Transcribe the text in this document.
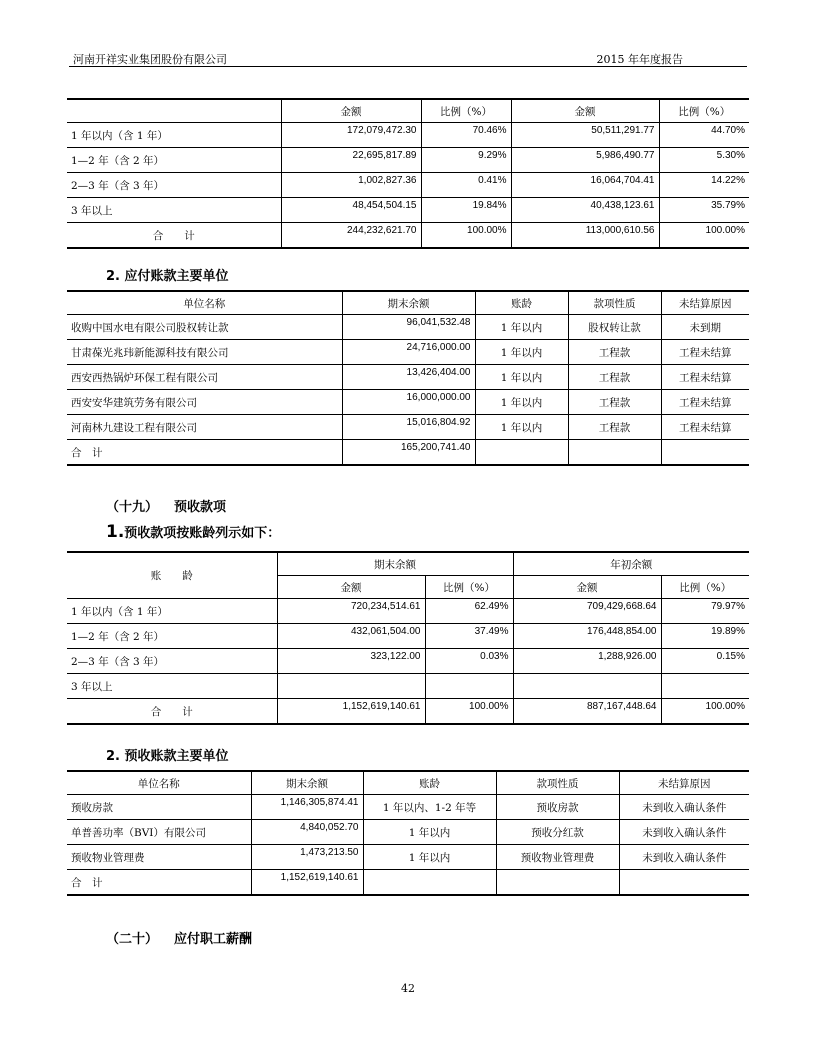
河南开祥实业集团股份有限公司	2015 年年度报告
	金额	比例（%）	金额	比例（%）
1 年以内（含 1 年）	172,079,472.30	70.46%	50,511,291.77	44.70%
1—2 年（含 2 年）	22,695,817.89	9.29%	5,986,490.77	5.30%
2—3 年（含 3 年）	1,002,827.36	0.41%	16,064,704.41	14.22%
3 年以上	48,454,504.15	19.84%	40,438,123.61	35.79%
合　　计	244,232,621.70	100.00%	113,000,610.56	100.00%
2. 应付账款主要单位
单位名称	期末余额	账龄	款项性质	未结算原因
收购中国水电有限公司股权转让款	96,041,532.48	1 年以内	股权转让款	未到期
甘肃葆光兆玮新能源科技有限公司	24,716,000.00	1 年以内	工程款	工程未结算
西安西热锅炉环保工程有限公司	13,426,404.00	1 年以内	工程款	工程未结算
西安安华建筑劳务有限公司	16,000,000.00	1 年以内	工程款	工程未结算
河南林九建设工程有限公司	15,016,804.92	1 年以内	工程款	工程未结算
合　计	165,200,741.40			
（十九） 预收款项
1.预收款项按账龄列示如下：
账　　龄	期末余额		年初余额	
	金额	比例（%）	金额	比例（%）
1 年以内（含 1 年）	720,234,514.61	62.49%	709,429,668.64	79.97%
1—2 年（含 2 年）	432,061,504.00	37.49%	176,448,854.00	19.89%
2—3 年（含 3 年）	323,122.00	0.03%	1,288,926.00	0.15%
3 年以上				
合　　计	1,152,619,140.61	100.00%	887,167,448.64	100.00%
2. 预收账款主要单位
单位名称	期末余额	账龄	款项性质	未结算原因
预收房款	1,146,305,874.41	1 年以内、1-2 年等	预收房款	未到收入确认条件
单普善功率（BVI）有限公司	4,840,052.70	1 年以内	预收分红款	未到收入确认条件
预收物业管理费	1,473,213.50	1 年以内	预收物业管理费	未到收入确认条件
合　计	1,152,619,140.61			
（二十） 应付职工薪酬
42
